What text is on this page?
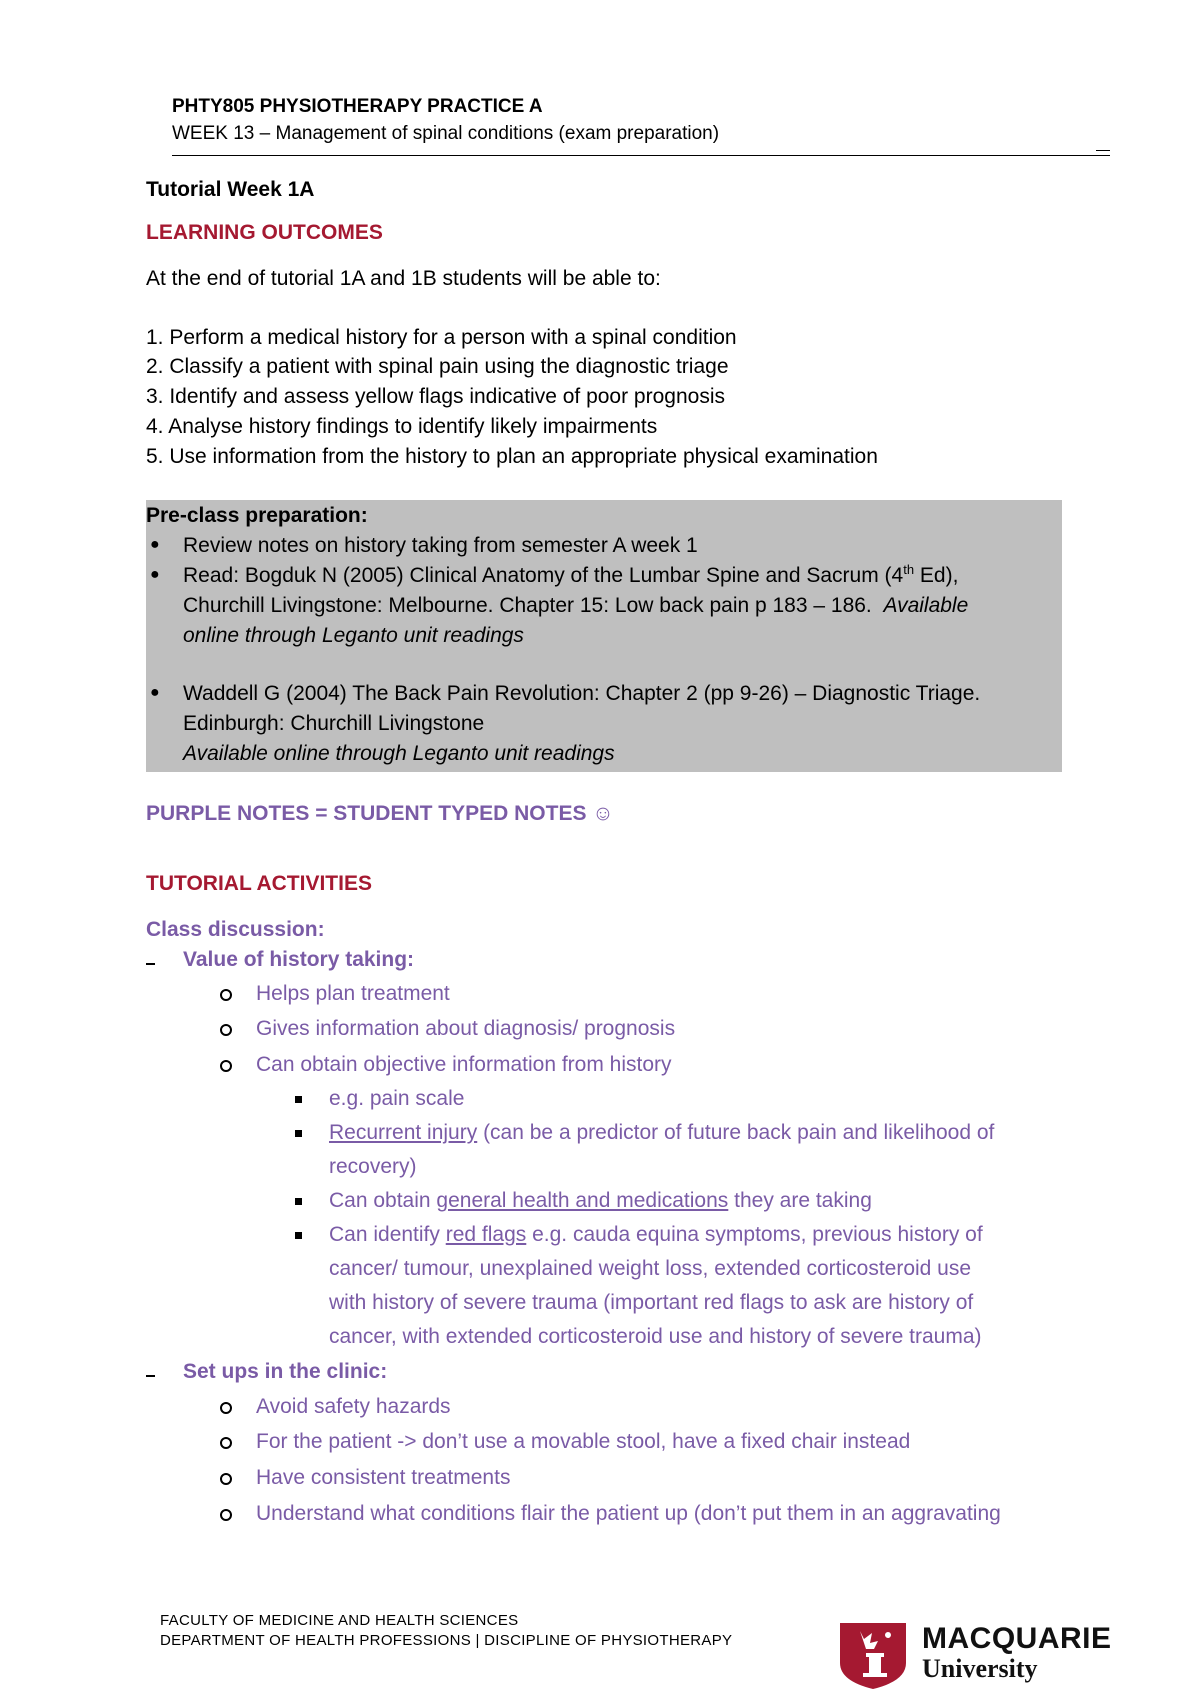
PHTY805 PHYSIOTHERAPY PRACTICE A
WEEK 13 – Management of spinal conditions (exam preparation)
Tutorial Week 1A
LEARNING OUTCOMES
At the end of tutorial 1A and 1B students will be able to:
1. Perform a medical history for a person with a spinal condition
2. Classify a patient with spinal pain using the diagnostic triage
3. Identify and assess yellow flags indicative of poor prognosis
4. Analyse history findings to identify likely impairments
5. Use information from the history to plan an appropriate physical examination
Pre-class preparation:
● Review notes on history taking from semester A week 1
● Read: Bogduk N (2005) Clinical Anatomy of the Lumbar Spine and Sacrum (4th Ed),
Churchill Livingstone: Melbourne. Chapter 15: Low back pain p 183 – 186. Available
online through Leganto unit readings
● Waddell G (2004) The Back Pain Revolution: Chapter 2 (pp 9-26) – Diagnostic Triage.
Edinburgh: Churchill Livingstone
Available online through Leganto unit readings
PURPLE NOTES = STUDENT TYPED NOTES ☺
TUTORIAL ACTIVITIES
Class discussion:
Value of history taking:
Helps plan treatment
Gives information about diagnosis/ prognosis
Can obtain objective information from history
e.g. pain scale
Recurrent injury (can be a predictor of future back pain and likelihood of
recovery)
Can obtain general health and medications they are taking
Can identify red flags e.g. cauda equina symptoms, previous history of
cancer/ tumour, unexplained weight loss, extended corticosteroid use
with history of severe trauma (important red flags to ask are history of
cancer, with extended corticosteroid use and history of severe trauma)
Set ups in the clinic:
Avoid safety hazards
For the patient -> don’t use a movable stool, have a fixed chair instead
Have consistent treatments
Understand what conditions flair the patient up (don’t put them in an aggravating
FACULTY OF MEDICINE AND HEALTH SCIENCES
DEPARTMENT OF HEALTH PROFESSIONS | DISCIPLINE OF PHYSIOTHERAPY	MACQUARIE
University
